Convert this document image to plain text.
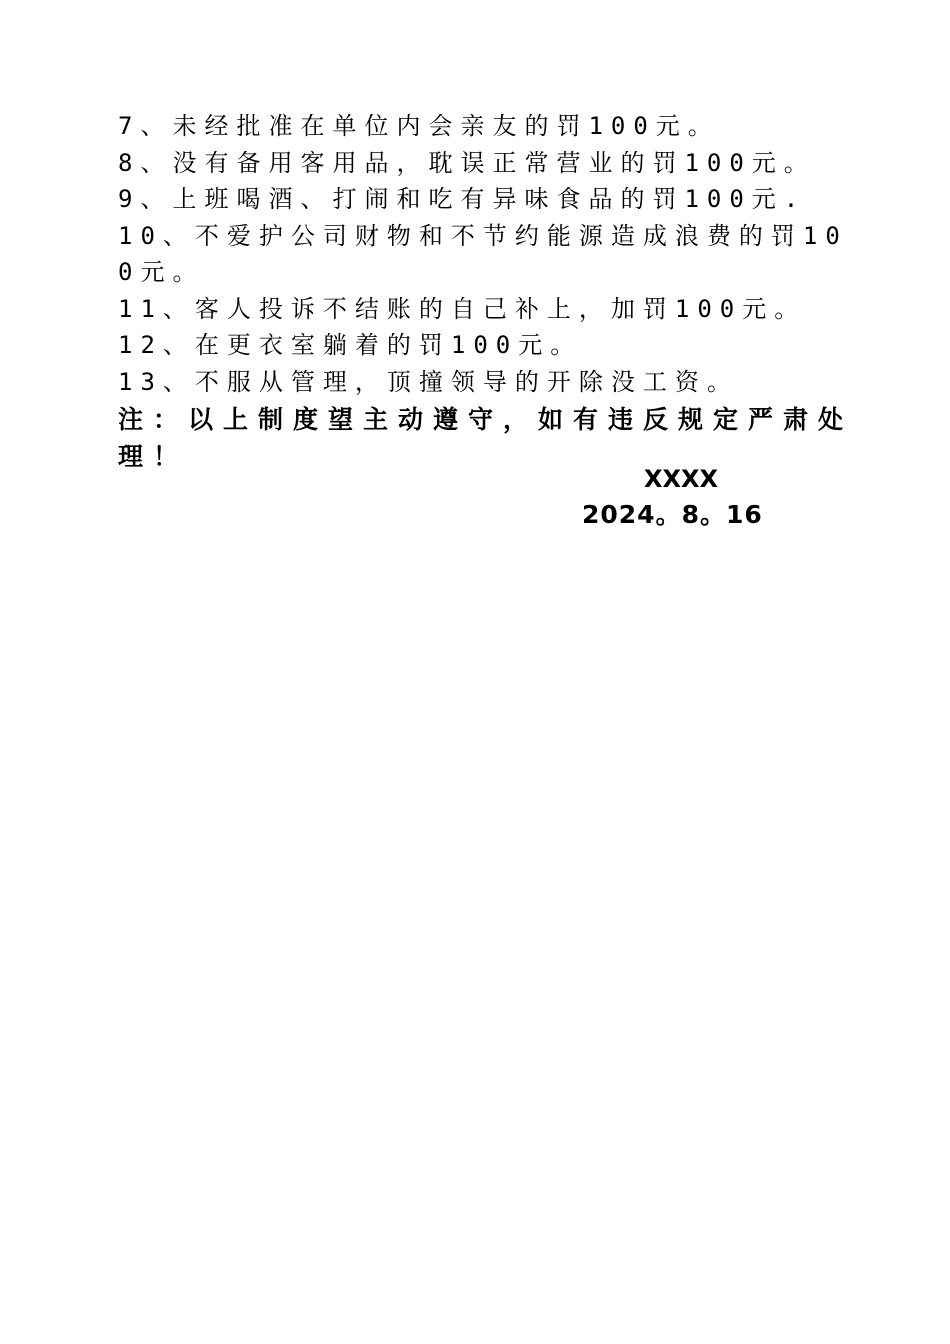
7、未经批准在单位内会亲友的罚100元。
8、没有备用客用品，耽误正常营业的罚100元。
9、上班喝酒、打闹和吃有异味食品的罚100元.
10、不爱护公司财物和不节约能源造成浪费的罚100元。
11、客人投诉不结账的自己补上，加罚100元。
12、在更衣室躺着的罚100元。
13、不服从管理，顶撞领导的开除没工资。
注：以上制度望主动遵守，如有违反规定严肃处理！
XXXX
2024。8。16
